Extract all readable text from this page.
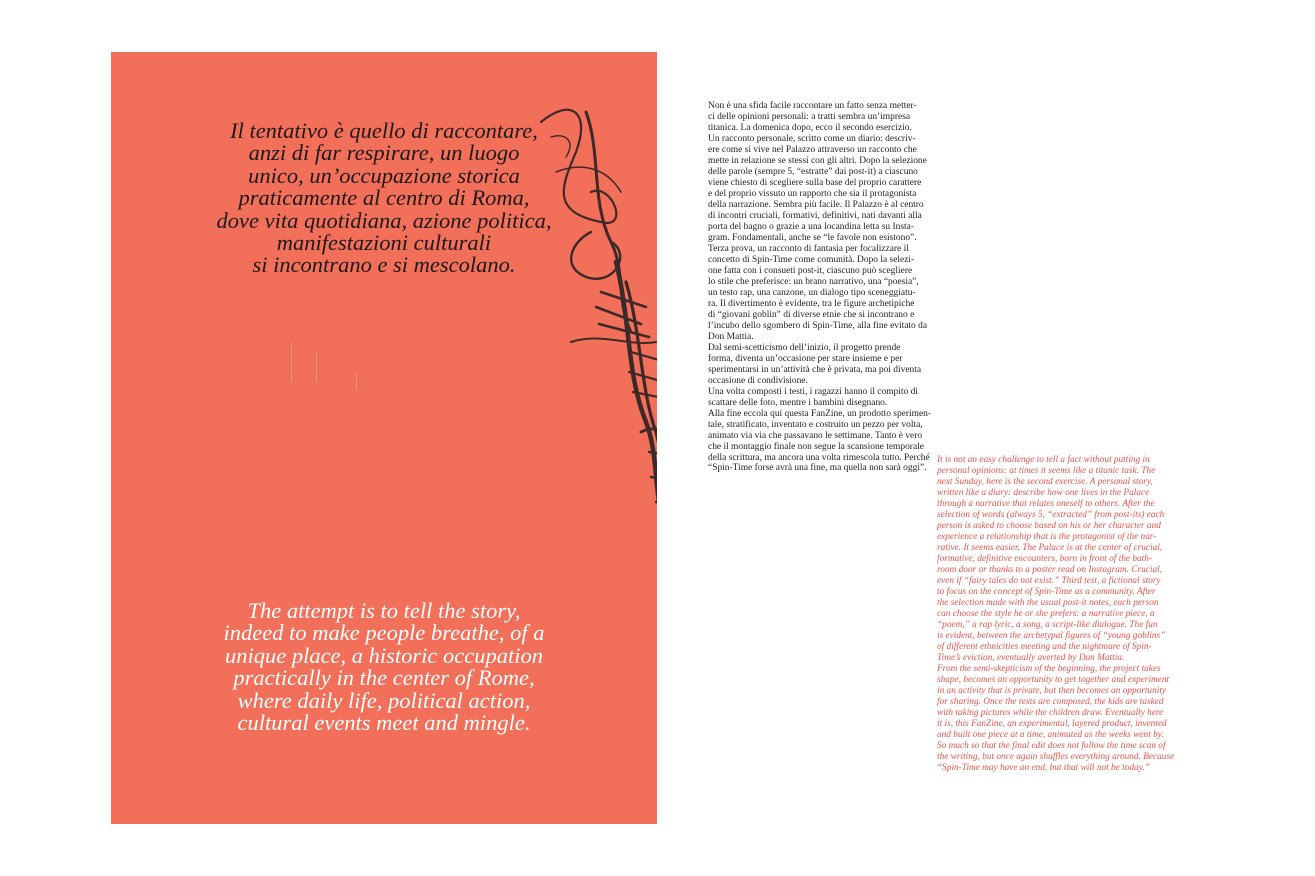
Il tentativo è quello di raccontare,
anzi di far respirare, un luogo
unico, un’occupazione storica
praticamente al centro di Roma,
dove vita quotidiana, azione politica,
manifestazioni culturali
si incontrano e si mescolano.

The attempt is to tell the story,
indeed to make people breathe, of a
unique place, a historic occupation
practically in the center of Rome,
where daily life, political action,
cultural events meet and mingle.

Non è una sfida facile raccontare un fatto senza metter-
ci delle opinioni personali: a tratti sembra un’impresa
titanica. La domenica dopo, ecco il secondo esercizio.
Un racconto personale, scritto come un diario: descriv-
ere come si vive nel Palazzo attraverso un racconto che
mette in relazione se stessi con gli altri. Dopo la selezione
delle parole (sempre 5, “estratte” dai post-it) a ciascuno
viene chiesto di scegliere sulla base del proprio carattere
e del proprio vissuto un rapporto che sia il protagonista
della narrazione. Sembra più facile. Il Palazzo è al centro
di incontri cruciali, formativi, definitivi, nati davanti alla
porta del bagno o grazie a una locandina letta su Insta-
gram. Fondamentali, anche se “le favole non esistono”.
Terza prova, un racconto di fantasia per focalizzare il
concetto di Spin-Time come comunità. Dopo la selezi-
one fatta con i consueti post-it, ciascuno può scegliere
lo stile che preferisce: un brano narrativo, una “poesia”,
un testo rap, una canzone, un dialogo tipo sceneggiatu-
ra. Il divertimento è evidente, tra le figure archetipiche
di “giovani goblin” di diverse etnie che si incontrano e
l’incubo dello sgombero di Spin-Time, alla fine evitato da
Don Mattia.
Dal semi-scetticismo dell’inizio, il progetto prende
forma, diventa un’occasione per stare insieme e per
sperimentarsi in un’attività che è privata, ma poi diventa
occasione di condivisione.
Una volta composti i testi, i ragazzi hanno il compito di
scattare delle foto, mentre i bambini disegnano.
Alla fine eccola qui questa FanZine, un prodotto sperimen-
tale, stratificato, inventato e costruito un pezzo per volta,
animato via via che passavano le settimane. Tanto è vero
che il montaggio finale non segue la scansione temporale
della scrittura, ma ancora una volta rimescola tutto. Perché
“Spin-Time forse avrà una fine, ma quella non sarà oggi”.
It is not an easy challenge to tell a fact without putting in
personal opinions: at times it seems like a titanic task. The
next Sunday, here is the second exercise. A personal story,
written like a diary: describe how one lives in the Palace
through a narrative that relates oneself to others. After the
selection of words (always 5, “extracted” from post-its) each
person is asked to choose based on his or her character and
experience a relationship that is the protagonist of the nar-
rative. It seems easier. The Palace is at the center of crucial,
formative, definitive encounters, born in front of the bath-
room door or thanks to a poster read on Instagram. Crucial,
even if “fairy tales do not exist.” Third test, a fictional story
to focus on the concept of Spin-Time as a community. After
the selection made with the usual post-it notes, each person
can choose the style he or she prefers: a narrative piece, a
“poem,” a rap lyric, a song, a script-like dialogue. The fun
is evident, between the archetypal figures of “young goblins”
of different ethnicities meeting and the nightmare of Spin-
Time’s eviction, eventually averted by Don Mattia.
From the semi-skepticism of the beginning, the project takes
shape, becomes an opportunity to get together and experiment
in an activity that is private, but then becomes an opportunity
for sharing. Once the texts are composed, the kids are tasked
with taking pictures while the children draw. Eventually here
it is, this FanZine, an experimental, layered product, invented
and built one piece at a time, animated as the weeks went by.
So much so that the final edit does not follow the time scan of
the writing, but once again shuffles everything around. Because
“Spin-Time may have an end, but that will not be today.”
